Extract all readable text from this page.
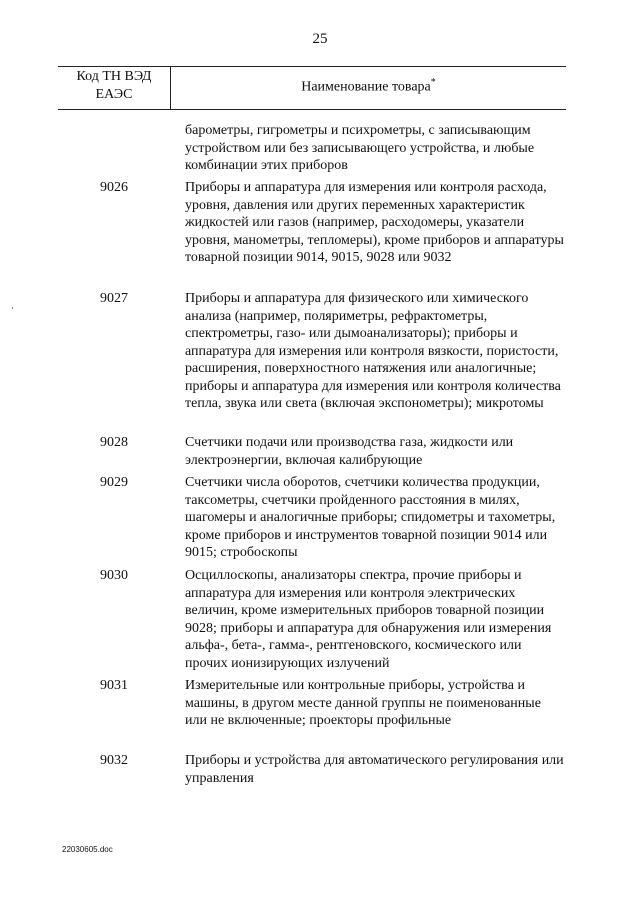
25
Код ТН ВЭД ЕАЭС	Наименование товара*
барометры, гигрометры и психрометры, с записывающим устройством или без записывающего устройства, и любые комбинации этих приборов
9026	Приборы и аппаратура для измерения или контроля расхода, уровня, давления или других переменных характеристик жидкостей или газов (например, расходомеры, указатели уровня, манометры, тепломеры), кроме приборов и аппаратуры товарной позиции 9014, 9015, 9028 или 9032
9027	Приборы и аппаратура для физического или химического анализа (например, поляриметры, рефрактометры, спектрометры, газо- или дымоанализаторы); приборы и аппаратура для измерения или контроля вязкости, пористости, расширения, поверхностного натяжения или аналогичные; приборы и аппаратура для измерения или контроля количества тепла, звука или света (включая экспонометры); микротомы
9028	Счетчики подачи или производства газа, жидкости или электроэнергии, включая калибрующие
9029	Счетчики числа оборотов, счетчики количества продукции, таксометры, счетчики пройденного расстояния в милях, шагомеры и аналогичные приборы; спидометры и тахометры, кроме приборов и инструментов товарной позиции 9014 или 9015; стробоскопы
9030	Осциллоскопы, анализаторы спектра, прочие приборы и аппаратура для измерения или контроля электрических величин, кроме измерительных приборов товарной позиции 9028; приборы и аппаратура для обнаружения или измерения альфа-, бета-, гамма-, рентгеновского, космического или прочих ионизирующих излучений
9031	Измерительные или контрольные приборы, устройства и машины, в другом месте данной группы не поименованные или не включенные; проекторы профильные
9032	Приборы и устройства для автоматического регулирования или управления
22030605.doc
